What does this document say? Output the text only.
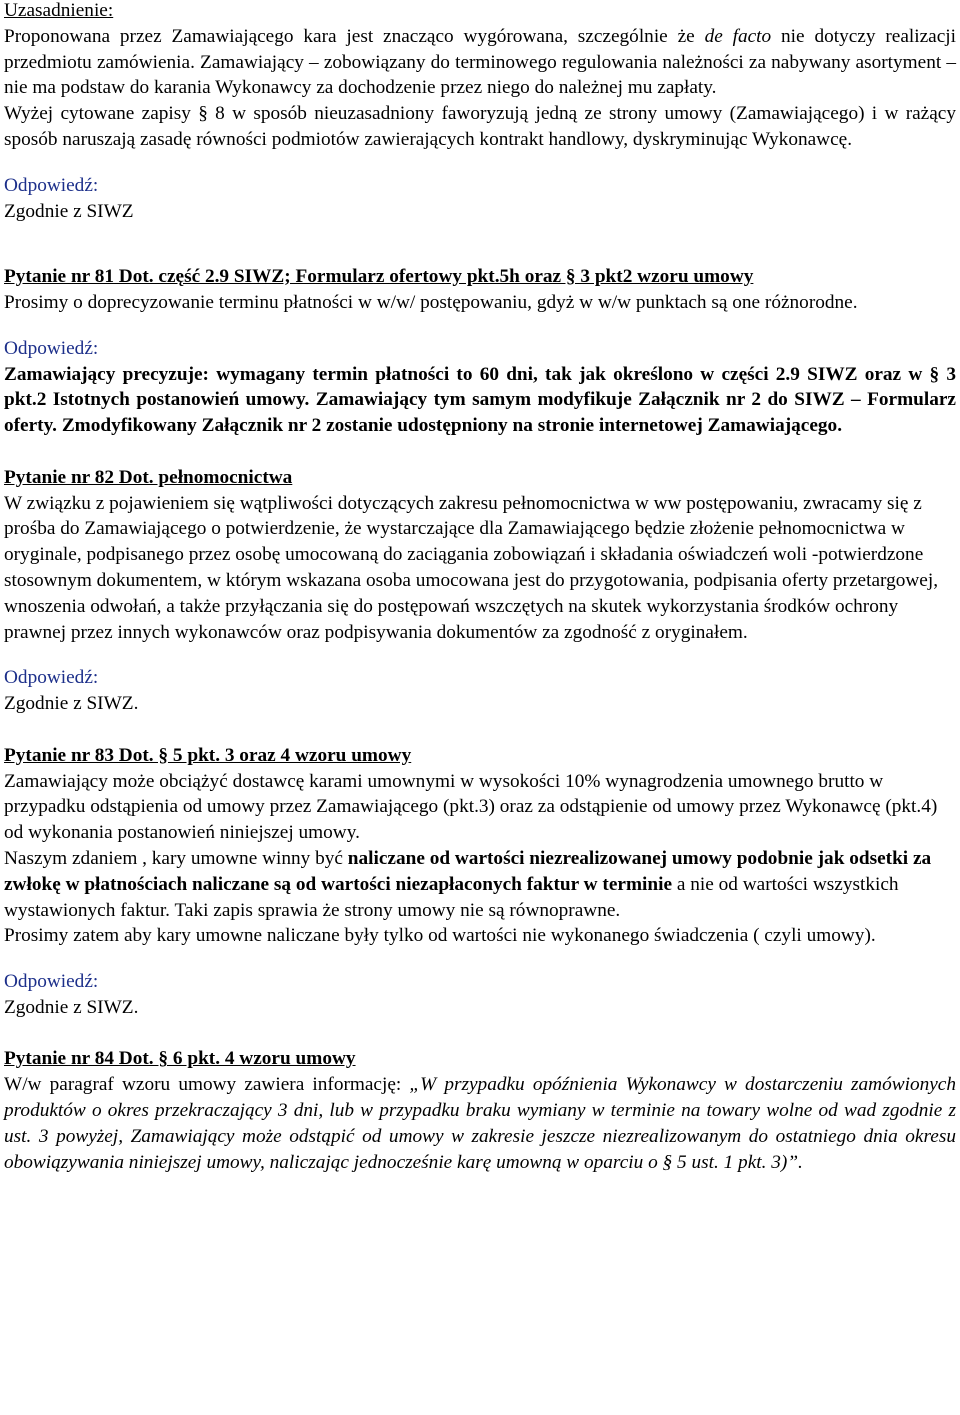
Uzasadnienie:

Proponowana przez Zamawiającego kara jest znacząco wygórowana, szczególnie że de facto nie dotyczy realizacji przedmiotu zamówienia. Zamawiający – zobowiązany do terminowego regulowania należności za nabywany asortyment – nie ma podstaw do karania Wykonawcy za dochodzenie przez niego do należnej mu zapłaty.

Wyżej cytowane zapisy § 8 w sposób nieuzasadniony faworyzują jedną ze strony umowy (Zamawiającego) i w rażący sposób naruszają zasadę równości podmiotów zawierających kontrakt handlowy, dyskryminując Wykonawcę.

Odpowiedź:

Zgodnie z SIWZ

Pytanie nr 81 Dot. część 2.9 SIWZ; Formularz ofertowy pkt.5h oraz § 3 pkt2 wzoru umowy

Prosimy o doprecyzowanie terminu płatności w w/w/ postępowaniu, gdyż w w/w punktach są one różnorodne.

Odpowiedź:

Zamawiający precyzuje: wymagany termin płatności to 60 dni, tak jak określono w części 2.9 SIWZ oraz w § 3 pkt.2 Istotnych postanowień umowy. Zamawiający tym samym modyfikuje Załącznik nr 2 do SIWZ – Formularz oferty. Zmodyfikowany Załącznik nr 2 zostanie udostępniony na stronie internetowej Zamawiającego.

Pytanie nr 82 Dot. pełnomocnictwa

W związku z pojawieniem się wątpliwości dotyczących zakresu pełnomocnictwa w ww postępowaniu, zwracamy się z prośba do Zamawiającego o potwierdzenie, że wystarczające dla Zamawiającego będzie złożenie pełnomocnictwa w oryginale, podpisanego przez osobę umocowaną do zaciągania zobowiązań i składania oświadczeń woli -potwierdzone stosownym dokumentem, w którym wskazana osoba umocowana jest do przygotowania, podpisania oferty przetargowej, wnoszenia odwołań, a także przyłączania się do postępowań wszczętych na skutek wykorzystania środków ochrony prawnej przez innych wykonawców oraz podpisywania dokumentów za zgodność z oryginałem.

Odpowiedź:

Zgodnie z SIWZ.

Pytanie nr 83 Dot. § 5 pkt. 3 oraz 4 wzoru umowy

Zamawiający może obciążyć dostawcę karami umownymi w wysokości 10% wynagrodzenia umownego brutto w przypadku odstąpienia od umowy przez Zamawiającego (pkt.3) oraz za odstąpienie od umowy przez Wykonawcę (pkt.4) od wykonania postanowień niniejszej umowy.

Naszym zdaniem , kary umowne winny być naliczane od wartości niezrealizowanej umowy podobnie jak odsetki za zwłokę w płatnościach naliczane są od wartości niezapłaconych faktur w terminie a nie od wartości wszystkich wystawionych faktur. Taki zapis sprawia że strony umowy nie są równoprawne.

Prosimy zatem aby kary umowne naliczane były tylko od wartości nie wykonanego świadczenia ( czyli umowy).

Odpowiedź:

Zgodnie z SIWZ.

Pytanie nr 84 Dot. § 6 pkt. 4 wzoru umowy

W/w paragraf wzoru umowy zawiera informację: „W przypadku opóźnienia Wykonawcy w dostarczeniu zamówionych produktów o okres przekraczający 3 dni, lub w przypadku braku wymiany w terminie na towary wolne od wad zgodnie z ust. 3 powyżej, Zamawiający może odstąpić od umowy w zakresie jeszcze niezrealizowanym do ostatniego dnia okresu obowiązywania niniejszej umowy, naliczając jednocześnie karę umowną w oparciu o § 5 ust. 1 pkt. 3)”.
